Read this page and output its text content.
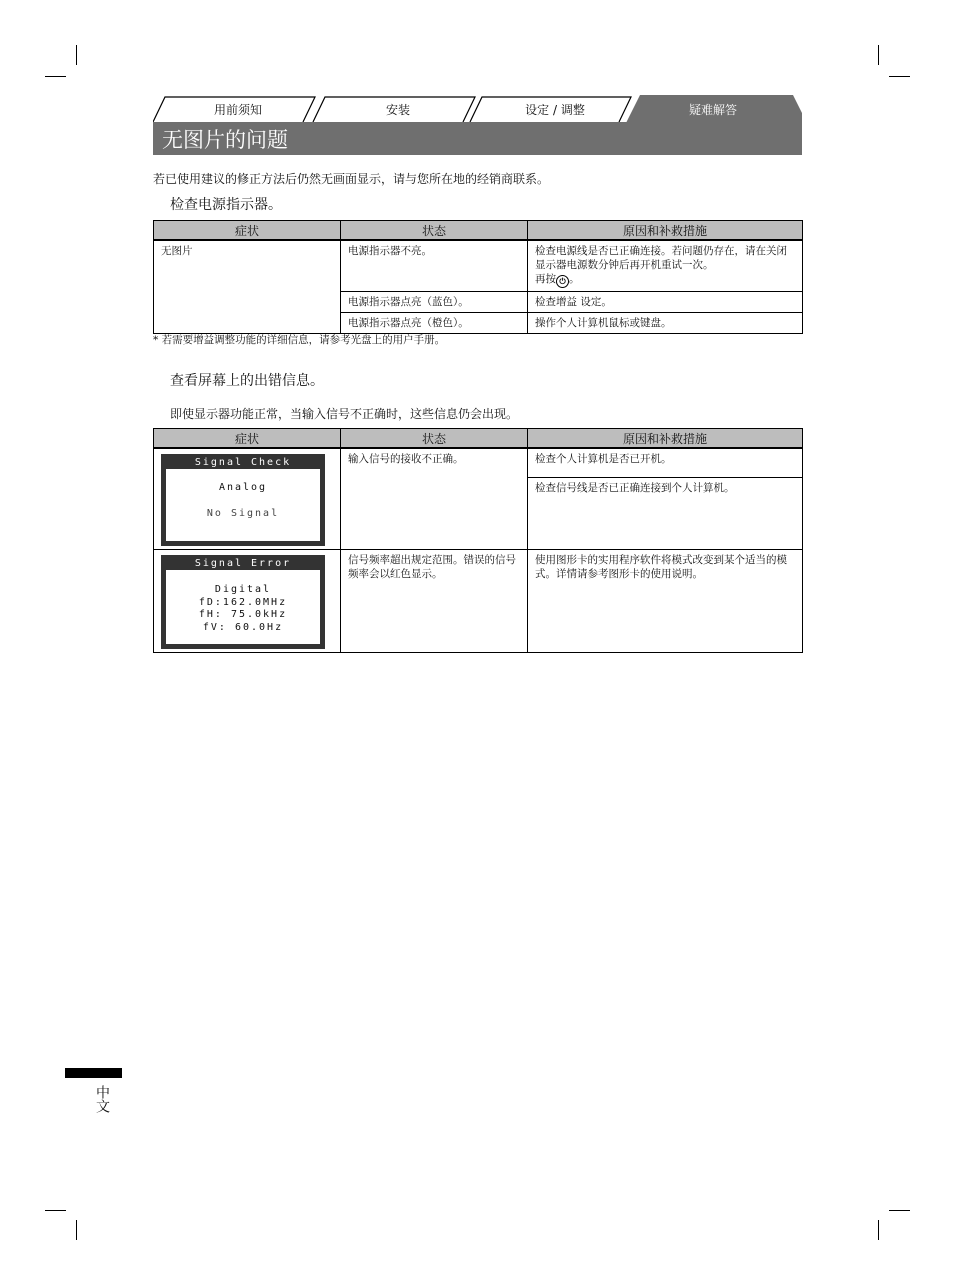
用前须知	安装	设定 / 调整	疑难解答
无图片的问题
若已使用建议的修正方法后仍然无画面显示，请与您所在地的经销商联系。
检查电源指示器。
症状	状态	原因和补救措施
无图片	电源指示器不亮。	检查电源线是否已正确连接。若问题仍存在，请在关闭显示器电源数分钟后再开机重试一次。
再按 ⏻ 。
	电源指示器点亮（蓝色）。	检查增益 设定。
	电源指示器点亮（橙色）。	操作个人计算机鼠标或键盘。
* 若需要增益调整功能的详细信息，请参考光盘上的用户手册。
查看屏幕上的出错信息。
即使显示器功能正常，当输入信号不正确时，这些信息仍会出现。
症状	状态	原因和补救措施

Signal Check
Analog
No Signal	输入信号的接收不正确。	检查个人计算机是否已开机。
		检查信号线是否已正确连接到个人计算机。

Signal Error
Digital
fD:162.0MHz
fH: 75.0kHz
fV: 60.0Hz	信号频率超出规定范围。错误的信号频率会以红色显示。	使用图形卡的实用程序软件将模式改变到某个适当的模式。详情请参考图形卡的使用说明。
中文
